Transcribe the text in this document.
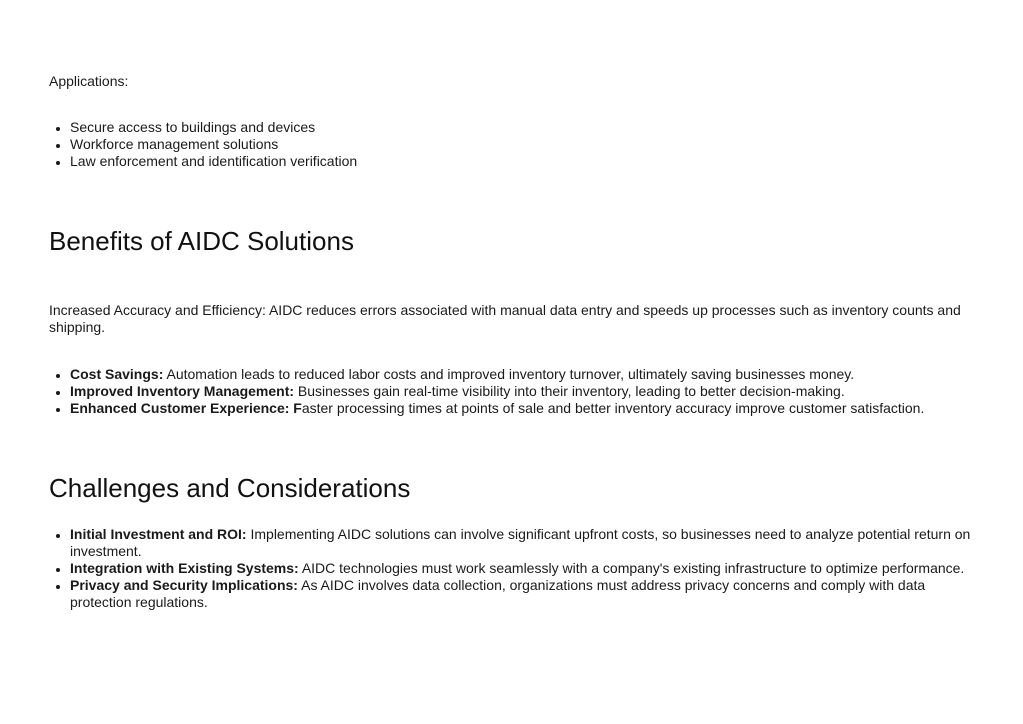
Applications:

• Secure access to buildings and devices
• Workforce management solutions
• Law enforcement and identification verification
Benefits of AIDC Solutions

Increased Accuracy and Efficiency: AIDC reduces errors associated with manual data entry and speeds up processes such as inventory counts and shipping.

• Cost Savings: Automation leads to reduced labor costs and improved inventory turnover, ultimately saving businesses money.
• Improved Inventory Management: Businesses gain real-time visibility into their inventory, leading to better decision-making.
• Enhanced Customer Experience: Faster processing times at points of sale and better inventory accuracy improve customer satisfaction.
Challenges and Considerations
• Initial Investment and ROI: Implementing AIDC solutions can involve significant upfront costs, so businesses need to analyze potential return on investment.
• Integration with Existing Systems: AIDC technologies must work seamlessly with a company's existing infrastructure to optimize performance.
• Privacy and Security Implications: As AIDC involves data collection, organizations must address privacy concerns and comply with data protection regulations.
